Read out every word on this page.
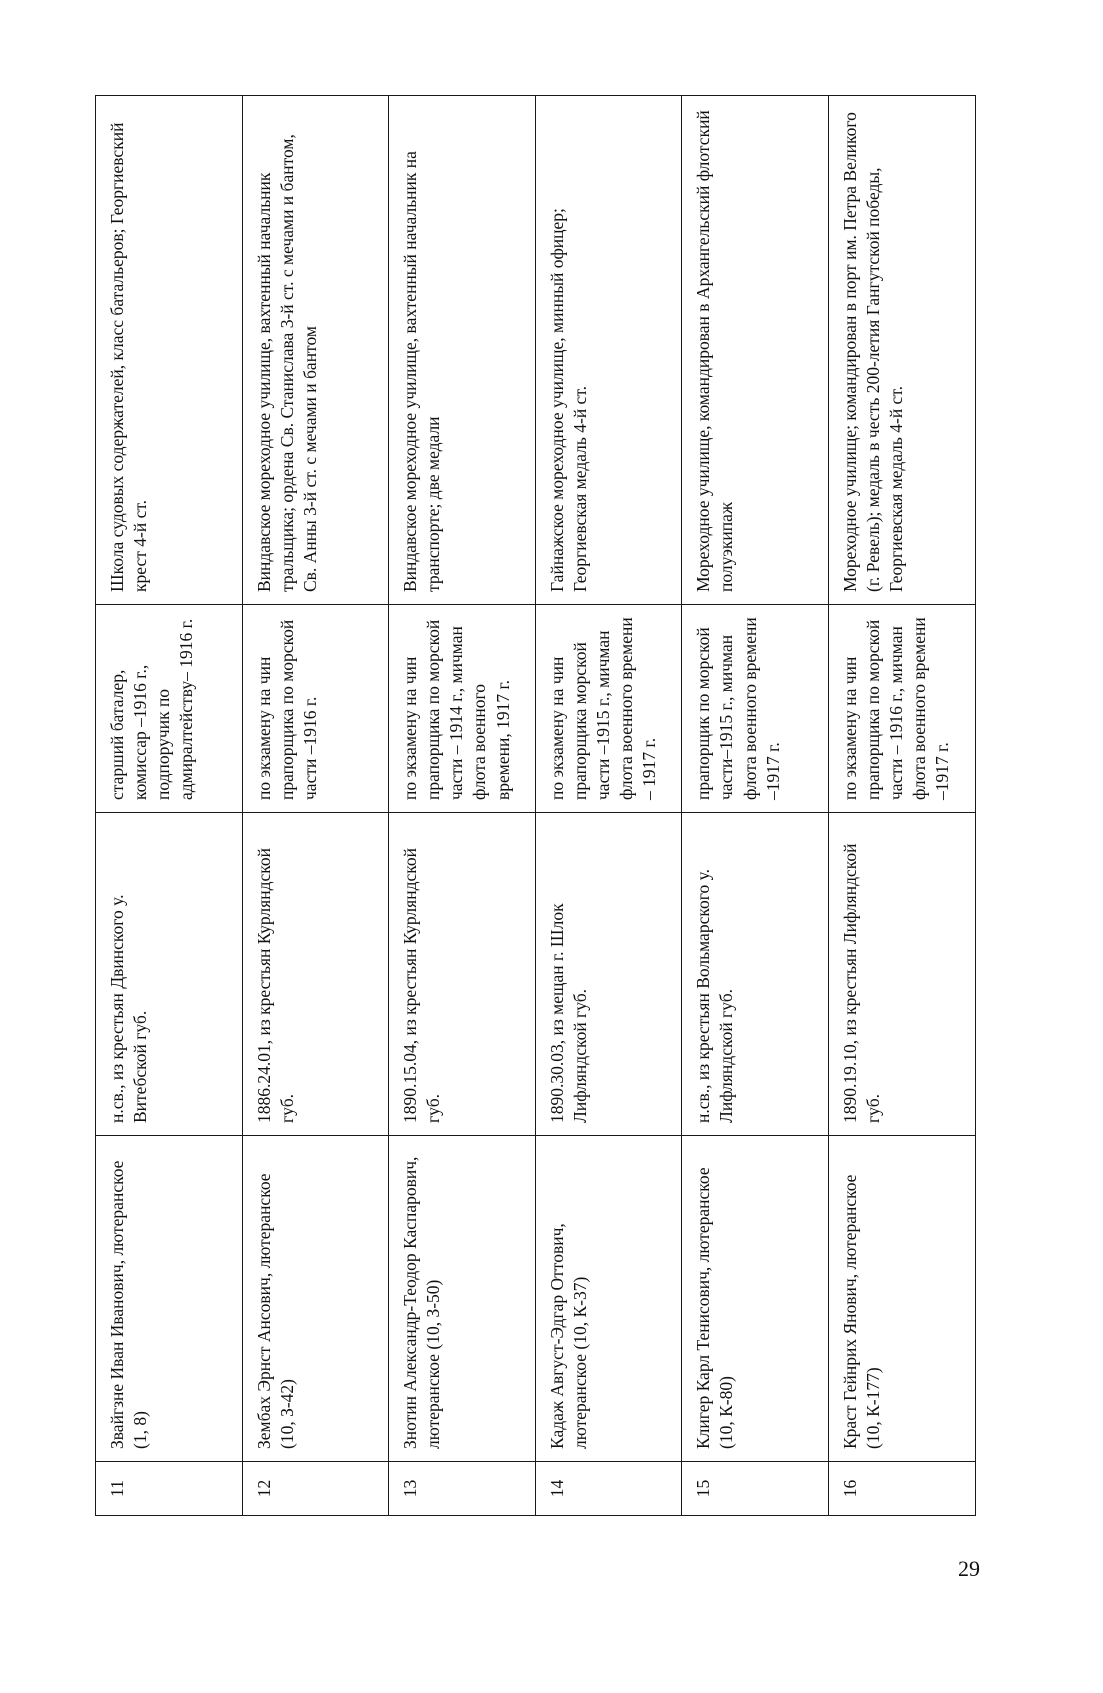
11	Звайгзне Иван Иванович, лютеранское (1, 8)	н.св., из крестьян Двинского у. Витебской губ.	старший баталер, комиссар –1916 г., подпоручик по адмиралтейству– 1916 г.	Школа судовых содержателей, класс батальеров; Георгиевский крест 4-й ст.
12	Зембах Эрнст Ансович, лютеранское (10, З-42)	1886.24.01, из крестьян Курляндской губ.	по экзамену на чин прапорщика по морской части –1916 г.	Виндавское мореходное училище, вахтенный начальник тральщика; ордена Св. Станислава 3-й ст. с мечами и бантом, Св. Анны 3-й ст. с мечами и бантом
13	Знотин Александр-Теодор Каспарович, лютеранское (10, З-50)	1890.15.04, из крестьян Курляндской губ.	по экзамену на чин прапорщика по морской части – 1914 г., мичман флота военного времени, 1917 г.	Виндавское мореходное училище, вахтенный начальник на транспорте; две медали
14	Кадаж Август-Эдгар Оттович, лютеранское (10, К-37)	1890.30.03, из мещан г. Шлок Лифляндской губ.	по экзамену на чин прапорщика морской части –1915 г., мичман флота военного времени – 1917 г.	Гайнажское мореходное училище, минный офицер; Георгиевская медаль 4-й ст.
15	Клигер Карл Тенисович, лютеранское (10, К-80)	н.св., из крестьян Вольмарского у. Лифляндской губ.	прапорщик по морской части–1915 г., мичман флота военного времени –1917 г.	Мореходное училище, командирован в Архангельский флотский полуэкипаж
16	Краст Гейнрих Янович, лютеранское (10, К-177)	1890.19.10, из крестьян Лифляндской губ.	по экзамену на чин прапорщика по морской части – 1916 г., мичман флота военного времени –1917 г.	Мореходное училище; командирован в порт им. Петра Великого (г. Ревель); медаль в честь 200-летия Гангутской победы, Георгиевская медаль 4-й ст.
29
